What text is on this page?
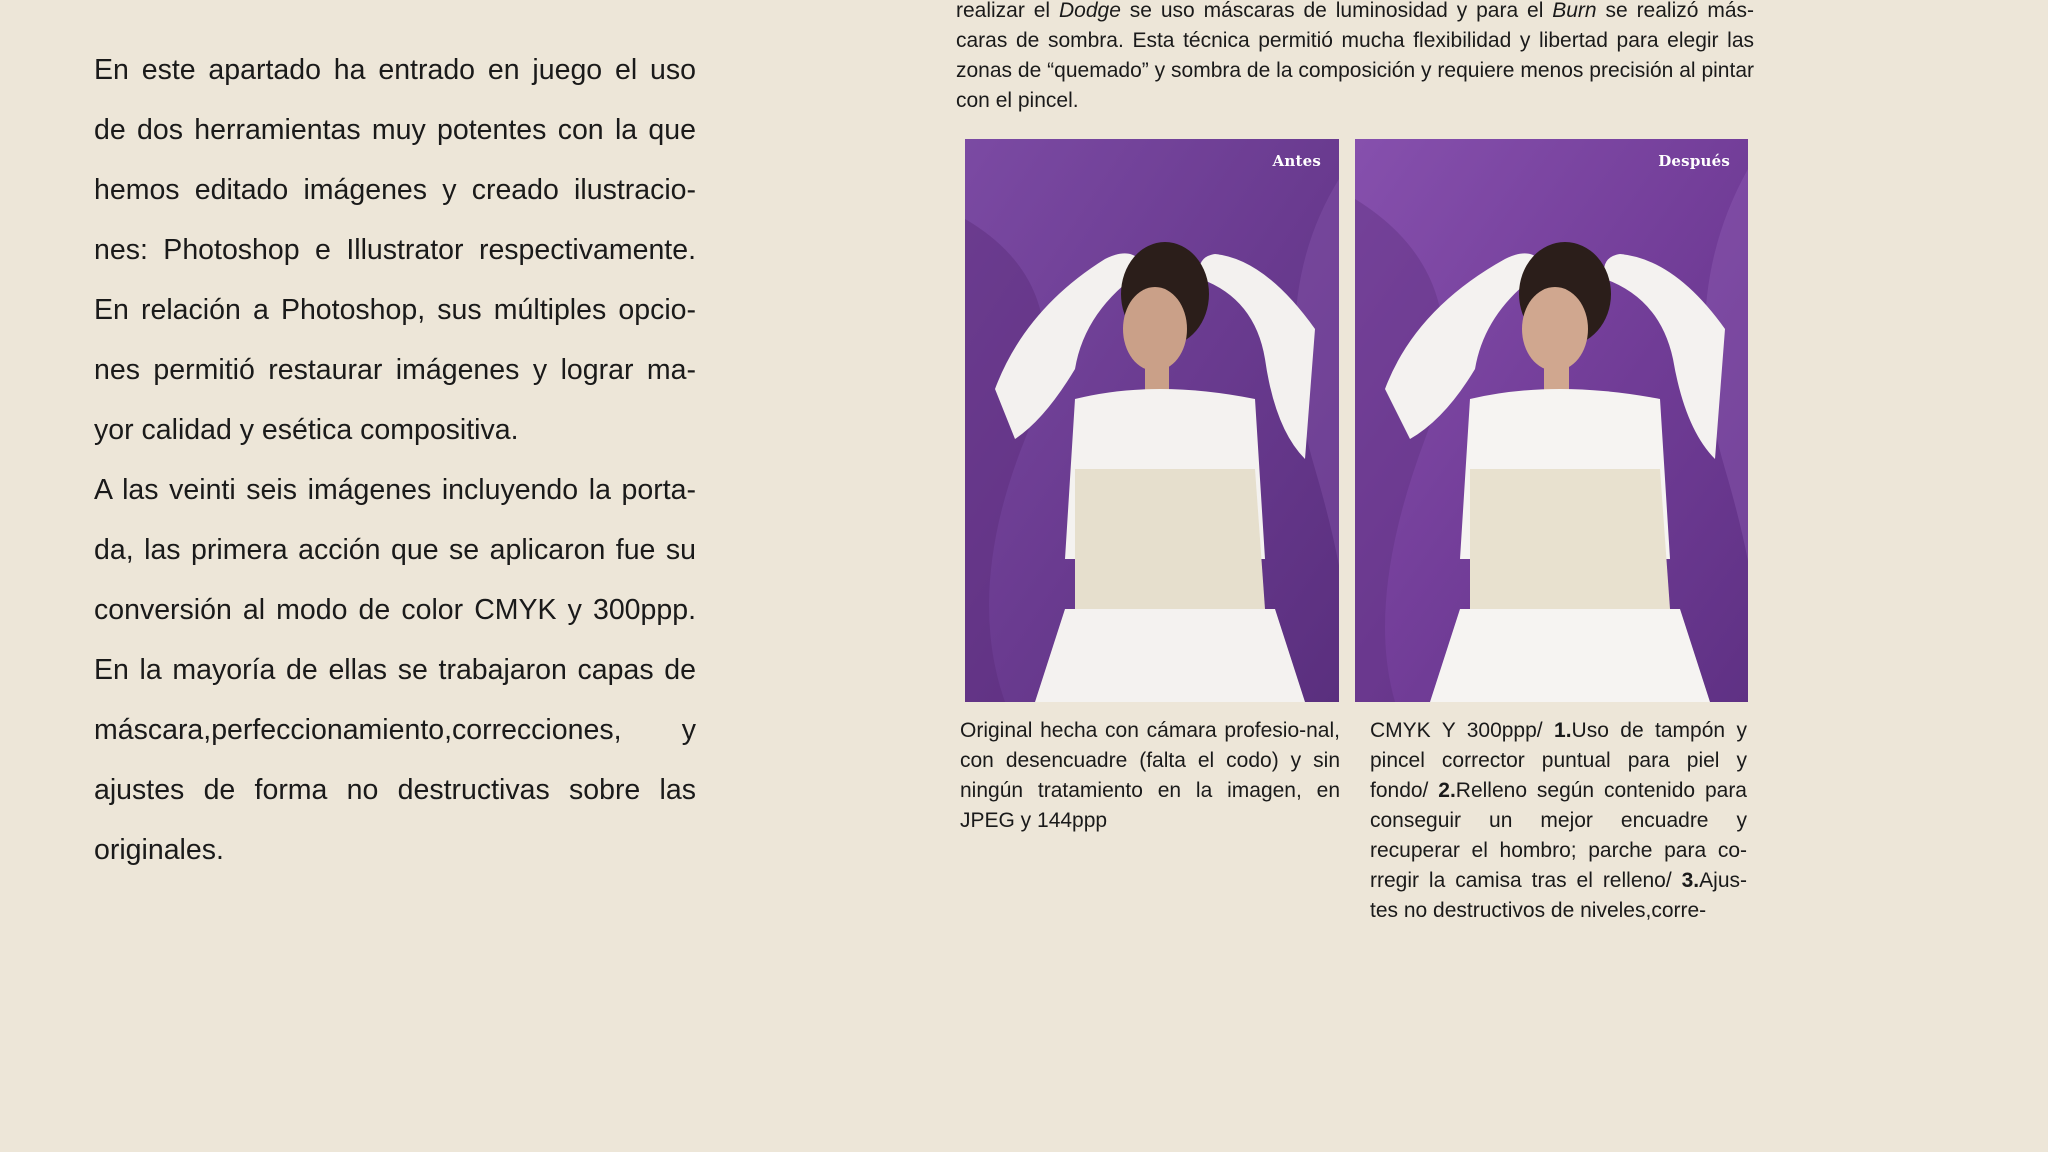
En este apartado ha entrado en juego el uso de dos herramientas muy potentes con la que hemos editado imágenes y creado ilustracio-nes: Photoshop e Illustrator respectivamente. En relación a Photoshop, sus múltiples opcio-nes permitió restaurar imágenes y lograr ma-yor calidad y esética compositiva.

A las veinti seis imágenes incluyendo la porta-da, las primera acción que se aplicaron fue su conversión al modo de color CMYK y 300ppp. En la mayoría de ellas se trabajaron capas de máscara,perfeccionamiento,correcciones, y ajustes de forma no destructivas sobre las originales.

realizar el Dodge se uso máscaras de luminosidad y para el Burn se realizó más-caras de sombra. Esta técnica permitió mucha flexibilidad y libertad para elegir las zonas de “quemado” y sombra de la composición y requiere menos precisión al pintar con el pincel.
Antes	Después
Original hecha con cámara profesio-nal, con desencuadre (falta el codo) y sin ningún tratamiento en la imagen, en JPEG y 144ppp
CMYK Y 300ppp/ 1.Uso de tampón y pincel corrector puntual para piel y fondo/ 2.Relleno según contenido para conseguir un mejor encuadre y recuperar el hombro; parche para co-rregir la camisa tras el relleno/ 3.Ajus-tes no destructivos de niveles,corre-
